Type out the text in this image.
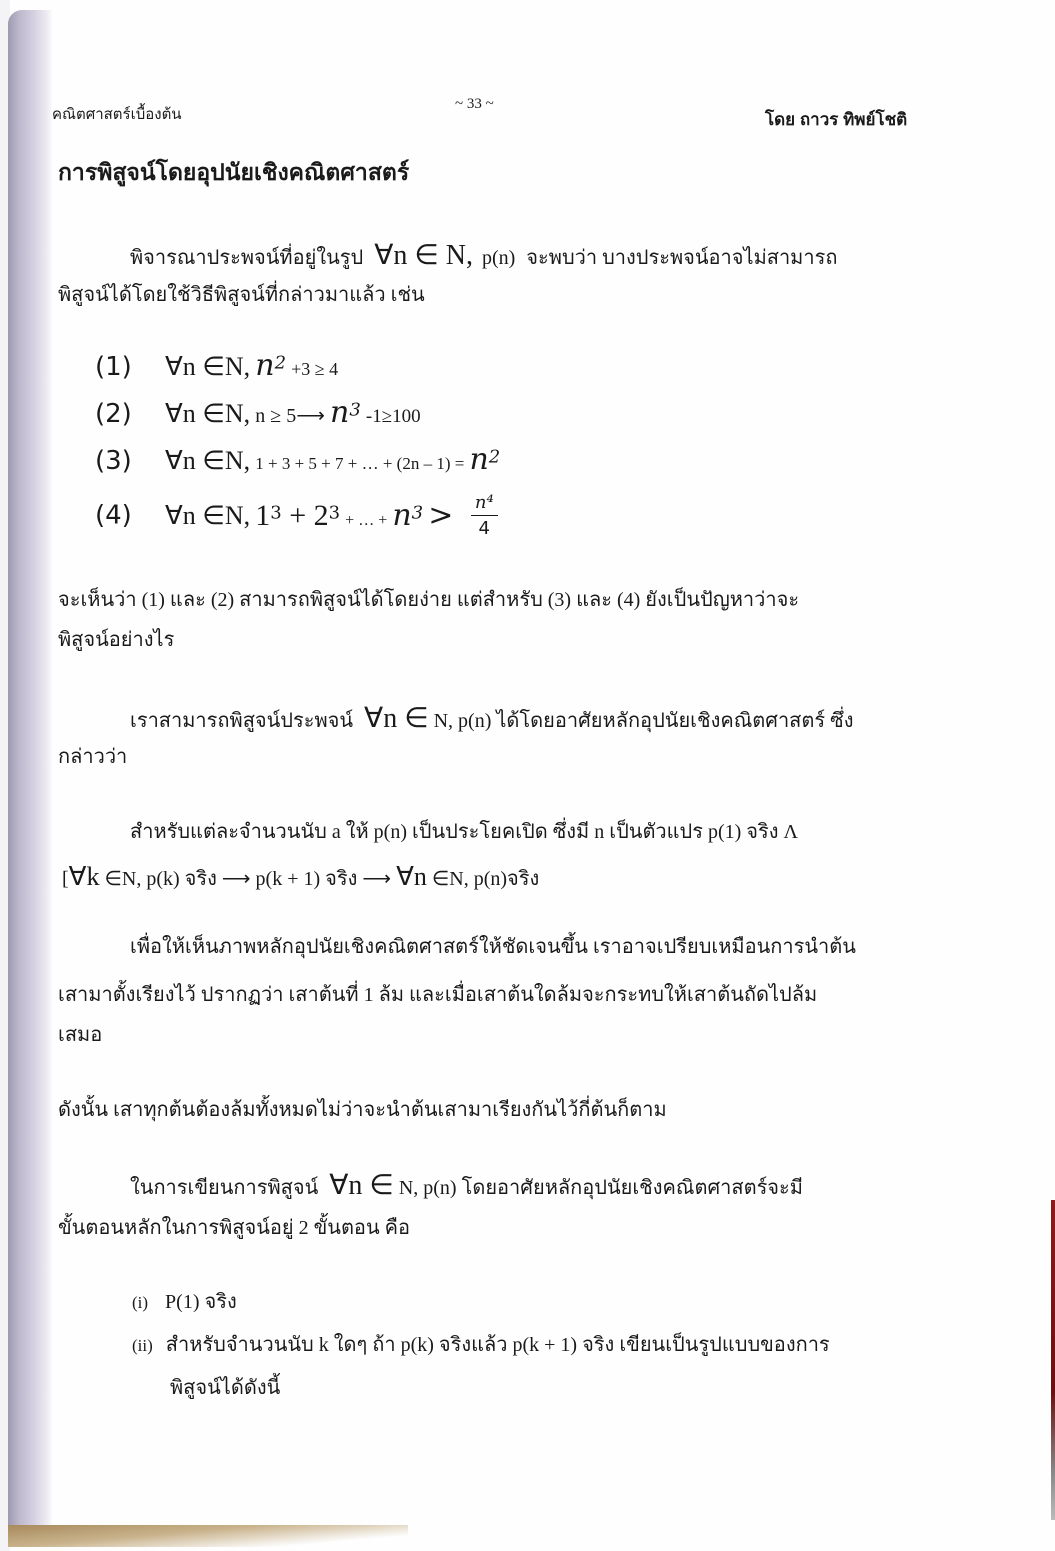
คณิตศาสตร์เบื้องต้น
~ 33 ~
โดย ถาวร ทิพย์โชติ
การพิสูจน์โดยอุปนัยเชิงคณิตศาสตร์
พิจารณาประพจน์ที่อยู่ในรูป ∀n ∈ N, p(n) จะพบว่า บางประพจน์อาจไม่สามารถ
พิสูจน์ได้โดยใช้วิธีพิสูจน์ที่กล่าวมาแล้ว เช่น
(1) ∀n ∈N, $n^2 +3 \ge 4$
(2) ∀n ∈N, n ≥ 5⟶ $n^3$ -1≥100
(3) ∀n ∈N, 1 + 3 + 5 + 7 + … + $(2n - 1) = n^2$
(4) ∀n ∈N, $1^3 + 2^3$ + … + $n^3 > \frac{\text{n⁴}}{4}$
จะเห็นว่า (1) และ (2) สามารถพิสูจน์ได้โดยง่าย แต่สำหรับ (3) และ (4) ยังเป็นปัญหาว่าจะ
พิสูจน์อย่างไร
เราสามารถพิสูจน์ประพจน์ ∀n ∈ N, p(n) ได้โดยอาศัยหลักอุปนัยเชิงคณิตศาสตร์ ซึ่ง
กล่าวว่า
สำหรับแต่ละจำนวนนับ a ให้ p(n) เป็นประโยคเปิด ซึ่งมี n เป็นตัวแปร p(1) จริง Λ
[∀k ∈N, p(k) จริง ⟶ p(k + 1) จริง ⟶ ∀n ∈N, p(n)จริง
เพื่อให้เห็นภาพหลักอุปนัยเชิงคณิตศาสตร์ให้ชัดเจนขึ้น เราอาจเปรียบเหมือนการนำต้น
เสามาตั้งเรียงไว้ ปรากฏว่า เสาต้นที่ 1 ล้ม และเมื่อเสาต้นใดล้มจะกระทบให้เสาต้นถัดไปล้ม
เสมอ
ดังนั้น เสาทุกต้นต้องล้มทั้งหมดไม่ว่าจะนำต้นเสามาเรียงกันไว้กี่ต้นก็ตาม
ในการเขียนการพิสูจน์ ∀n ∈ N, p(n) โดยอาศัยหลักอุปนัยเชิงคณิตศาสตร์จะมี
ขั้นตอนหลักในการพิสูจน์อยู่ 2 ขั้นตอน คือ
(i) P(1) จริง
(ii) สำหรับจำนวนนับ k ใดๆ ถ้า p(k) จริงแล้ว p(k + 1) จริง เขียนเป็นรูปแบบของการ
พิสูจน์ได้ดังนี้
